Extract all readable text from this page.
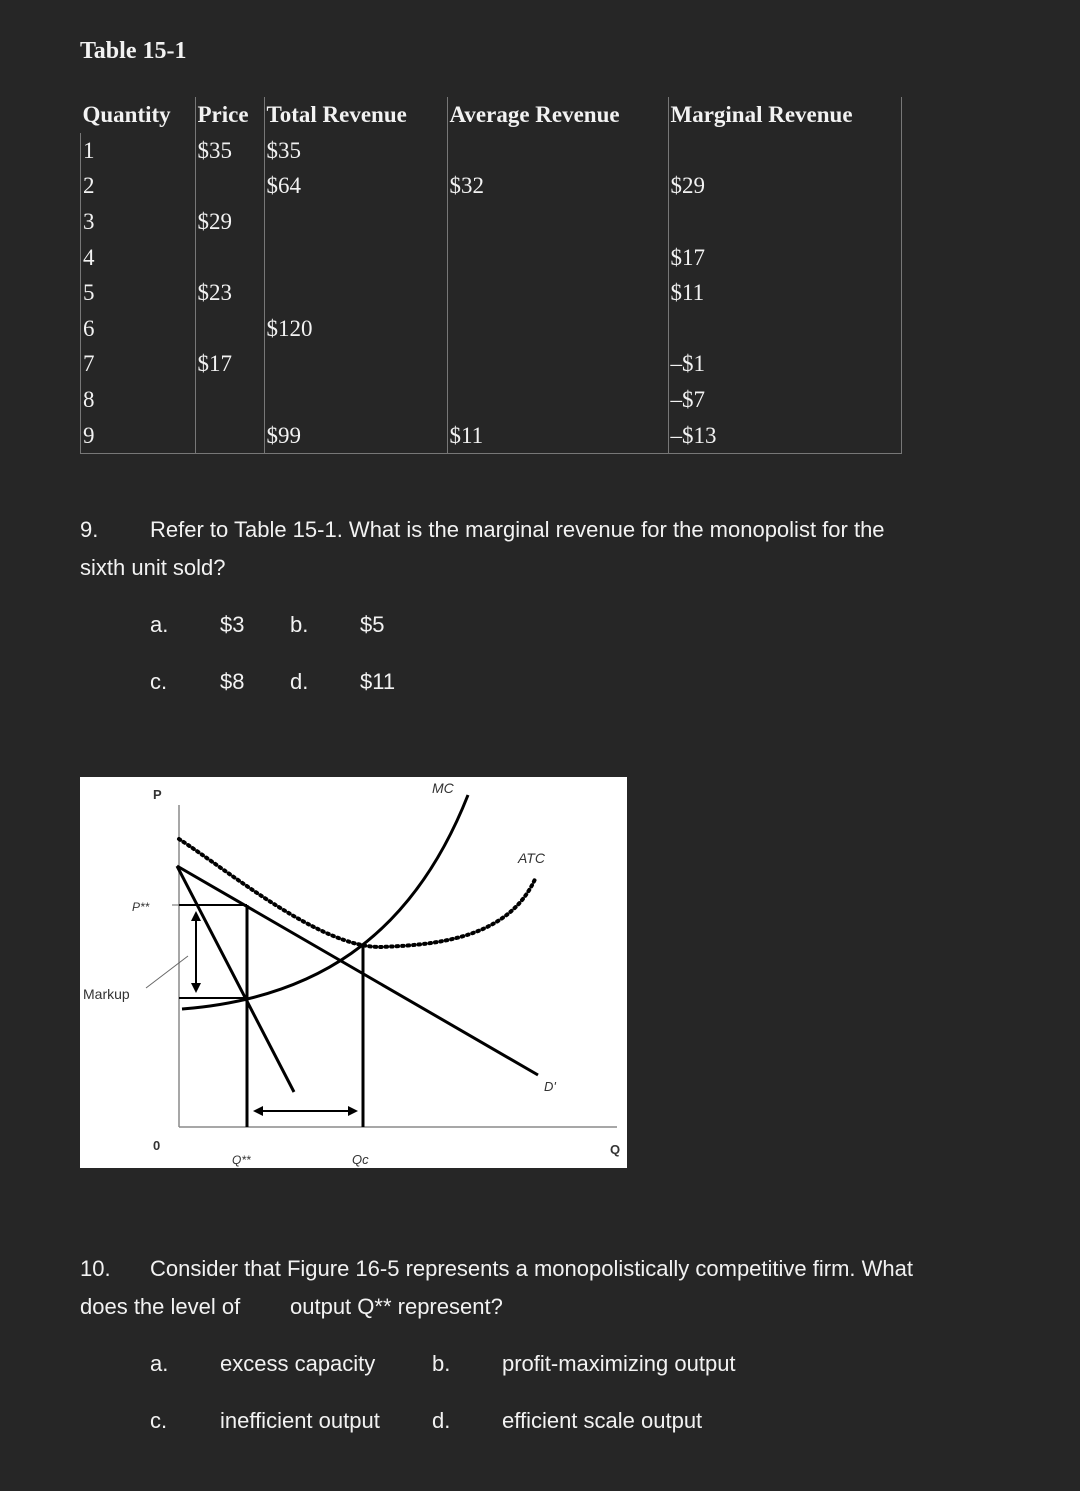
Table 15-1
Quantity	Price	Total Revenue	Average Revenue	Marginal Revenue
1	$35	$35		
2		$64	$32	$29
3	$29			
4				$17
5	$23			$11
6		$120		
7	$17			–$1
8				–$7
9		$99	$11	–$13
9. Refer to Table 15-1. What is the marginal revenue for the monopolist for the
sixth unit sold?
a. $3 b. $5
c. $8 d. $11
P
Q
0
MC
ATC
D'
P**
Markup
Q**	Qc
10. Consider that Figure 16-5 represents a monopolistically competitive firm. What
does the level of output Q** represent?
a. excess capacity	b. profit-maximizing output
c. inefficient output d. efficient scale output
